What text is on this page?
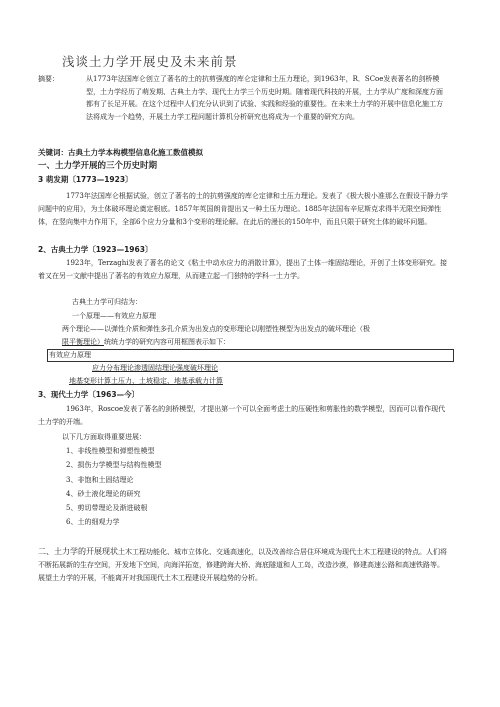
浅谈土力学开展史及未来前景
摘要：	从1773年法国库仑创立了著名的土的抗剪强度的库仑定律和土压力理论，到1963年，R．SCoe发表著名的剑桥模型，土力学经历了萌发期、古典土力学、现代土力学三个历史时期。随着现代科技的开展，土力学从广度和深度方面都有了长足开展。在这个过程中人们充分认识到了试验、实践和经验的重要性。在未来土力学的开展中信息化施工方法将成为一个趋势，开展土力学工程问题计算机分析研究也将成为一个重要的研究方向。
关键词：古典土力学本构模型信息化施工数值模拟
一、土力学开展的三个历史时期
3 萌发期〔1773—1923〕
1773年法国库仑根据试验，创立了著名的土的抗剪强度的库仑定律和土压力理论。发表了《极大极小准那么在假设干静力学问题中的应用》，为土体破坏理论奠定根底。1857年英国朗肯提出又一种土压力理论。1885年法国布辛尼斯克求得半无限空间弹性体，在竖向集中力作用下，全部6个应力分量和3个变形的理论解。在此后的漫长的150年中，而且只限于研究土体的破坏问题。
2、古典土力学〔1923—1963〕
1923年，Terzaghi发表了著名的论文《粘土中动水应力的消散计算》，提出了土体一维固结理论，开创了土体变形研究。接着又在另一文献中提出了著名的有效应力原理，从而建立起一门独特的学科一土力学。
古典土力学可归结为：
一个原理——有效应力原理
两个理论——以弹性介质和弹性多孔介质为出发点的变形理论以刚塑性模型为出发点的破坏理论（极
限平衡理论）统统力学的研究内容可用框图表示如下：
有效应力原理
应力分布理论渗透固结理论强度破坏理论
地基变形计算土压力、土坡稳定、地基承载力计算
3、现代土力学〔1963—今〕
1963年，Roscoe发表了著名的剑桥模型，才提出第一个可以全面考虑土的压硬性和剪胀性的数学模型，因而可以看作现代土力学的开端。
以下几方面取得重要进展：
1、非线性模型和弹塑性模型
2、损伤力学模型与结构性模型
3、非饱和土固结理论
4、砂土液化理论的研究
5、剪切带理论及渐进破根
6、土的细观力学
二、土力学的开展现状土木工程功能化、城市立体化、交通高速化，以及改善综合居住环境成为现代土木工程建设的特点。人们将不断拓展新的生存空间，开发地下空间，向海洋拓宽，修建跨海大桥、海底隧道和人工岛，改造沙漠，修建高速公路和高速铁路等。展望土力学的开展，不能离开对我国现代土木工程建设开展趋势的分析。
